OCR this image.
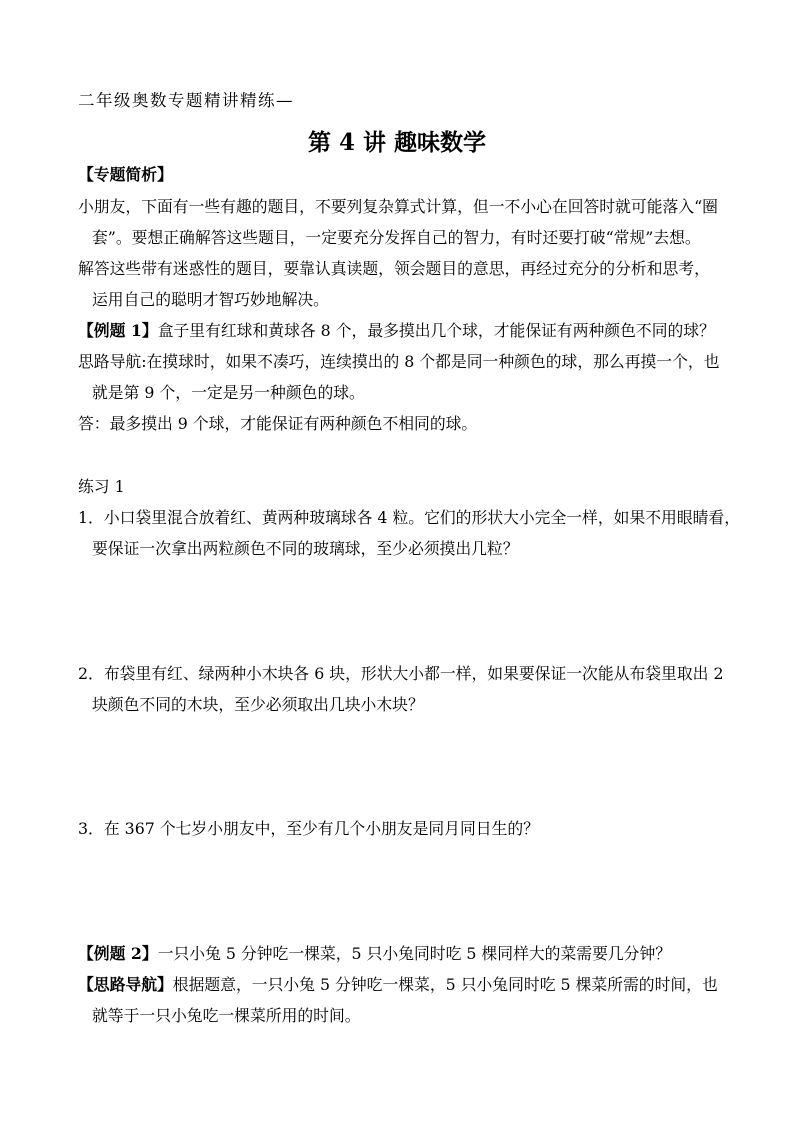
二年级奥数专题精讲精练—
第 4 讲 趣味数学
【专题简析】
小朋友，下面有一些有趣的题目，不要列复杂算式计算，但一不小心在回答时就可能落入“圈
套”。要想正确解答这些题目，一定要充分发挥自己的智力，有时还要打破“常规”去想。
解答这些带有迷惑性的题目，要靠认真读题，领会题目的意思，再经过充分的分析和思考，
运用自己的聪明才智巧妙地解决。
【例题 1】盒子里有红球和黄球各 8 个，最多摸出几个球，才能保证有两种颜色不同的球？
思路导航:在摸球时，如果不凑巧，连续摸出的 8 个都是同一种颜色的球，那么再摸一个，也
就是第 9 个，一定是另一种颜色的球。
答：最多摸出 9 个球，才能保证有两种颜色不相同的球。
练习 1
1．小口袋里混合放着红、黄两种玻璃球各 4 粒。它们的形状大小完全一样，如果不用眼睛看，
要保证一次拿出两粒颜色不同的玻璃球，至少必须摸出几粒？
2．布袋里有红、绿两种小木块各 6 块，形状大小都一样，如果要保证一次能从布袋里取出 2
块颜色不同的木块，至少必须取出几块小木块？
3．在 367 个七岁小朋友中，至少有几个小朋友是同月同日生的？
【例题 2】一只小兔 5 分钟吃一棵菜，5 只小兔同时吃 5 棵同样大的菜需要几分钟？
【思路导航】根据题意，一只小兔 5 分钟吃一棵菜，5 只小兔同时吃 5 棵菜所需的时间，也
就等于一只小兔吃一棵菜所用的时间。
